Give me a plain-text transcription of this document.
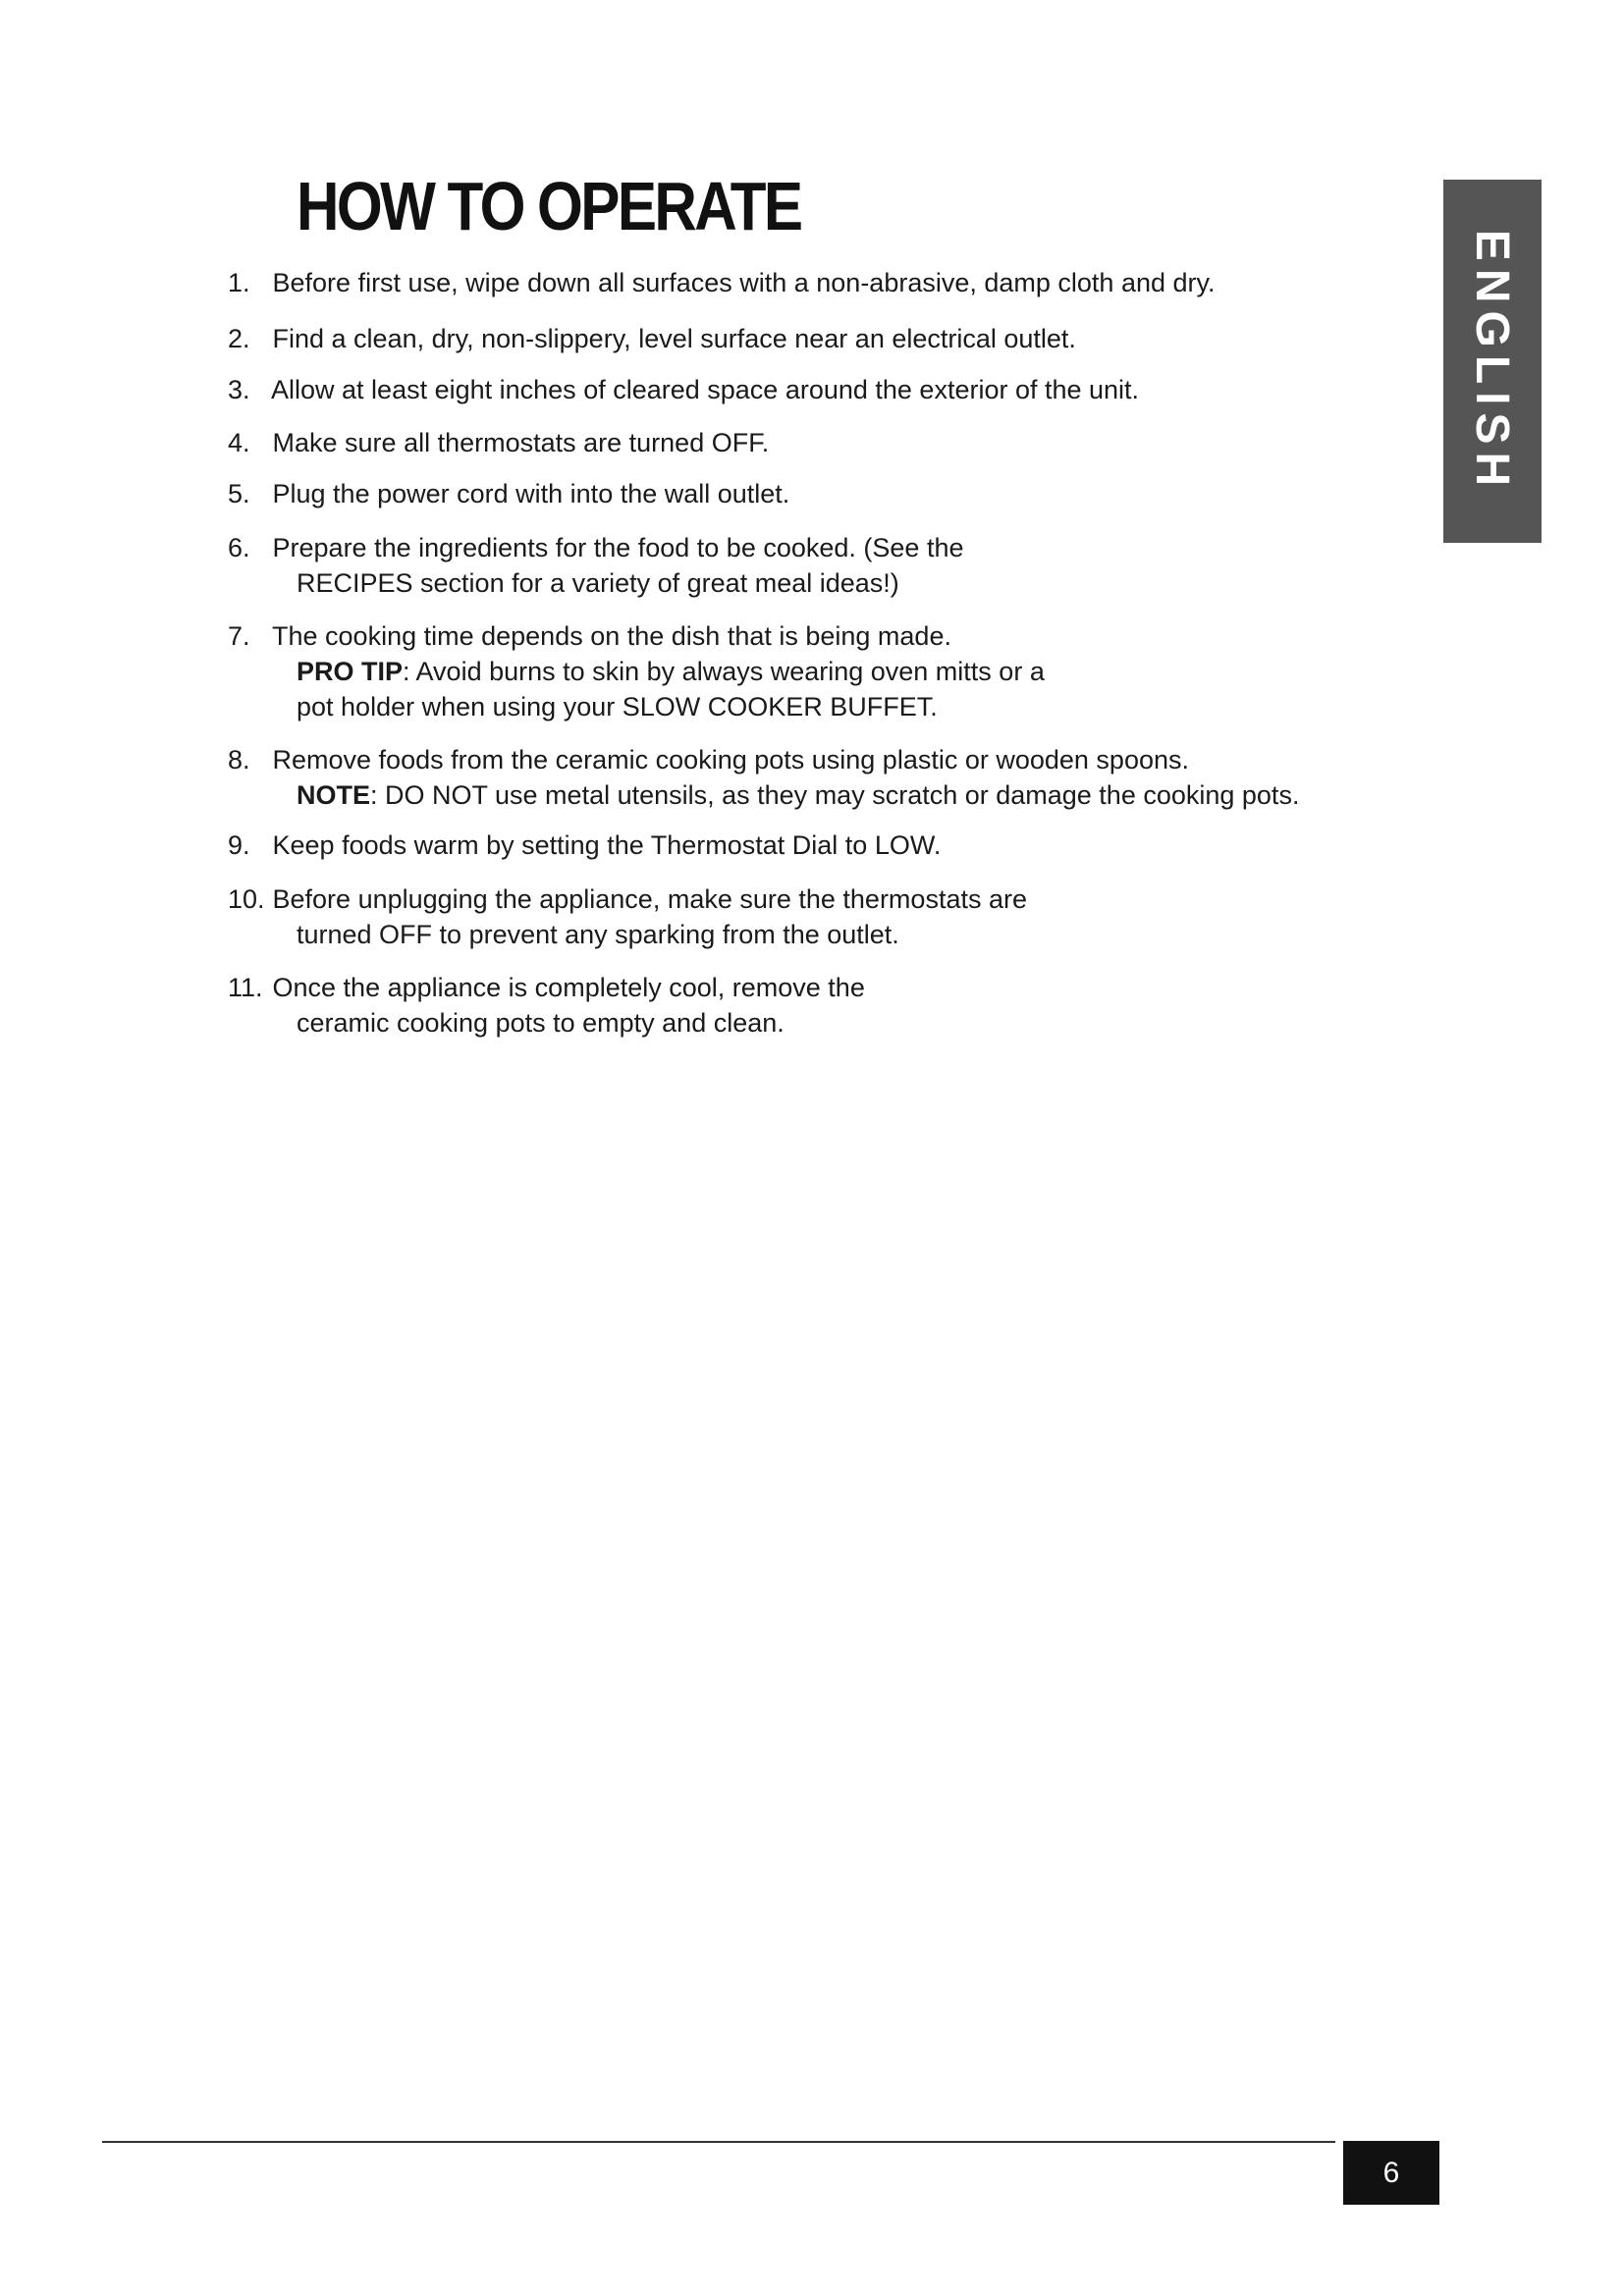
HOW TO OPERATE
ENGLISH
1. Before first use, wipe down all surfaces with a non-abrasive, damp cloth and dry.
2. Find a clean, dry, non-slippery, level surface near an electrical outlet.
3. Allow at least eight inches of cleared space around the exterior of the unit.
4. Make sure all thermostats are turned OFF.
5. Plug the power cord with into the wall outlet.
6. Prepare the ingredients for the food to be cooked. (See the
RECIPES section for a variety of great meal ideas!)
7. The cooking time depends on the dish that is being made.
PRO TIP: Avoid burns to skin by always wearing oven mitts or a
pot holder when using your SLOW COOKER BUFFET.
8. Remove foods from the ceramic cooking pots using plastic or wooden spoons.
NOTE: DO NOT use metal utensils, as they may scratch or damage the cooking pots.
9. Keep foods warm by setting the Thermostat Dial to LOW.
10. Before unplugging the appliance, make sure the thermostats are
turned OFF to prevent any sparking from the outlet.
11. Once the appliance is completely cool, remove the
ceramic cooking pots to empty and clean.
6
